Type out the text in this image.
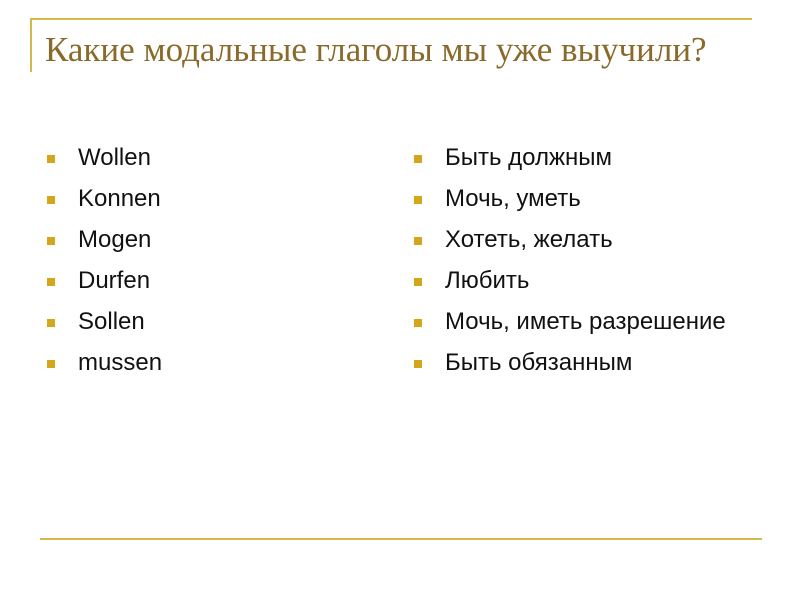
Какие модальные глаголы мы уже выучили?
Wollen
Konnen
Mogen
Durfen
Sollen
mussen
Быть должным
Мочь, уметь
Хотеть, желать
Любить
Мочь, иметь разрешение
Быть обязанным
